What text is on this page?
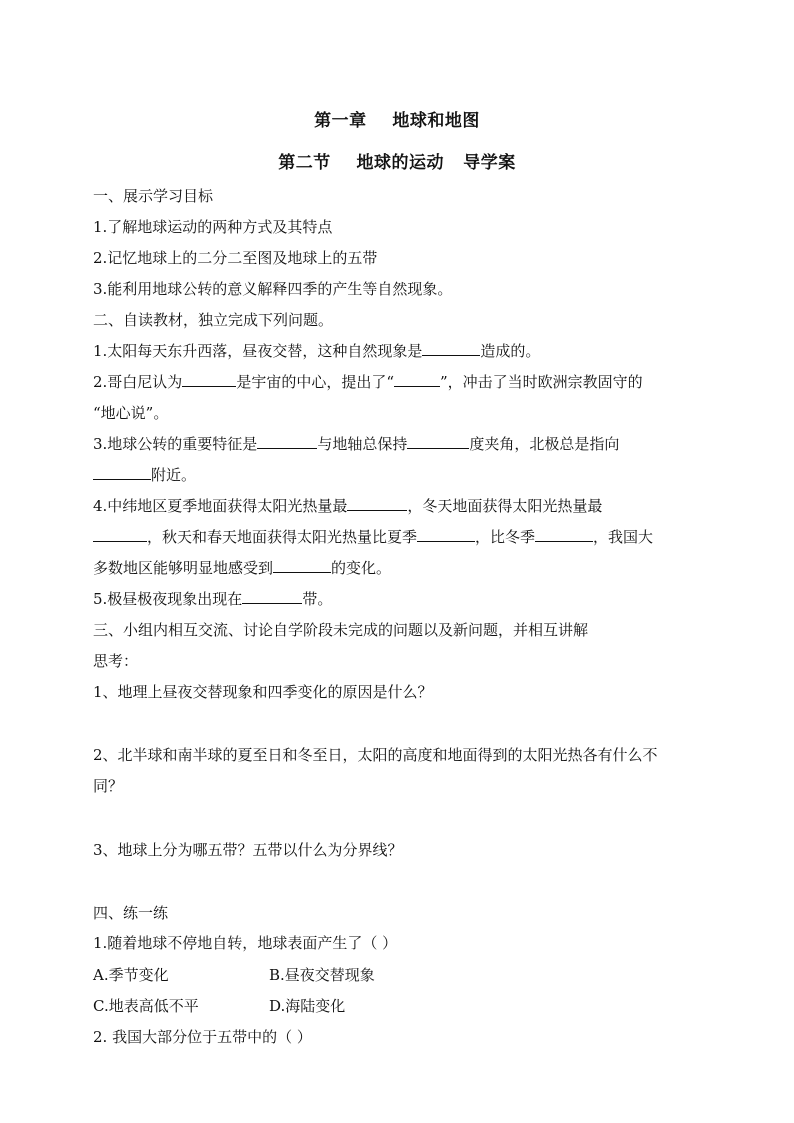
第一章    地球和地图
第二节    地球的运动   导学案
一、展示学习目标
1.了解地球运动的两种方式及其特点
2.记忆地球上的二分二至图及地球上的五带
3.能利用地球公转的意义解释四季的产生等自然现象。
二、自读教材，独立完成下列问题。
1.太阳每天东升西落，昼夜交替，这种自然现象是	造成的。
2.哥白尼认为	是宇宙的中心，提出了“	”，冲击了当时欧洲宗教固守的
“地心说”。
3.地球公转的重要特征是	与地轴总保持	度夹角，北极总是指向
附近。
4.中纬地区夏季地面获得太阳光热量最	，冬天地面获得太阳光热量最
，秋天和春天地面获得太阳光热量比夏季	，比冬季	，我国大
多数地区能够明显地感受到	的变化。
5.极昼极夜现象出现在	带。
三、小组内相互交流、讨论自学阶段未完成的问题以及新问题，并相互讲解
思考：
1、地理上昼夜交替现象和四季变化的原因是什么？
2、北半球和南半球的夏至日和冬至日，太阳的高度和地面得到的太阳光热各有什么不
同？
3、地球上分为哪五带？五带以什么为分界线？
四、练一练
1.随着地球不停地自转，地球表面产生了（ ）
A.季节变化	B.昼夜交替现象
C.地表高低不平	D.海陆变化
2. 我国大部分位于五带中的（ ）
